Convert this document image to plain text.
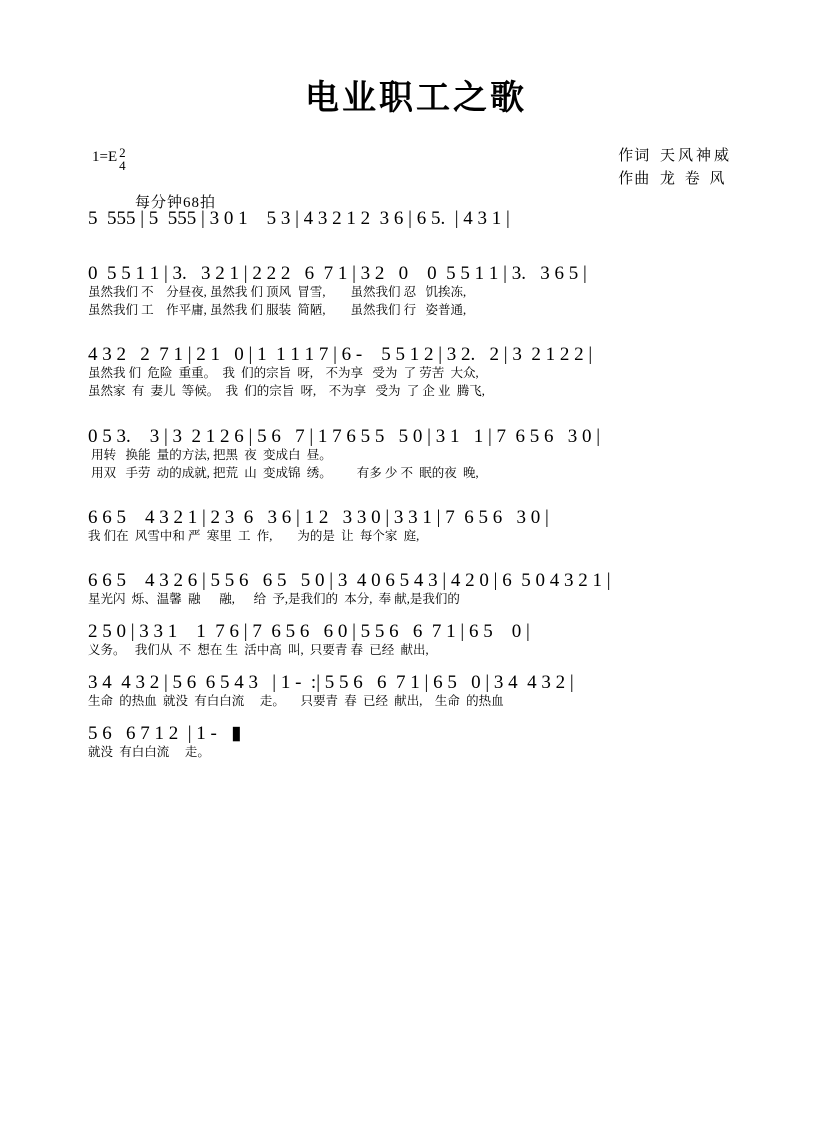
电业职工之歌
1=E 2
4
作词 天风神威
作曲 龙 卷 风
每分钟68拍
5  555 | 5  555 | 3 0 1    5 3 | 4 3 2 1 2  3 6 | 6 5.  | 4 3 1 |
0  5 5 1 1 | 3.   3 2 1 | 2 2 2   6  7 1 | 3 2   0    0  5 5 1 1 | 3.   3 6 5 |
虽然我们 不    分昼夜, 虽然我 们 顶风  冒雪,        虽然我们 忍   饥挨冻,
虽然我们 工    作平庸, 虽然我 们 服装  简陋,        虽然我们 行   姿普通,
4 3 2   2  7 1 | 2 1   0 | 1  1 1 1 7 | 6 -    5 5 1 2 | 3 2.   2 | 3  2 1 2 2 |
虽然我 们  危险  重重。  我  们的宗旨  呀,    不为享   受为  了 劳苦  大众,
虽然家  有  妻儿  等候。  我  们的宗旨  呀,    不为享   受为  了 企 业  腾飞,
0 5 3.    3 | 3  2 1 2 6 | 5 6   7 | 1 7 6 5 5   5 0 | 3 1   1 | 7  6 5 6   3 0 |
用转   换能  量的方法, 把黑  夜  变成白  昼。
用双   手劳  动的成就, 把荒  山  变成锦  绣。        有多 少 不  眠的夜  晚,
6 6 5    4 3 2 1 | 2 3  6   3 6 | 1 2   3 3 0 | 3 3 1 | 7  6 5 6   3 0 |
我 们在  风雪中和 严  寒里  工  作,        为的是  让  每个家  庭,
6 6 5    4 3 2 6 | 5 5 6   6 5   5 0 | 3  4 0 6 5 4 3 | 4 2 0 | 6  5 0 4 3 2 1 |
星光闪  烁、温馨  融      融,      给  予,是我们的  本分,  奉 献,是我们的
2 5 0 | 3 3 1    1  7 6 | 7  6 5 6   6 0 | 5 5 6   6  7 1 | 6 5    0 |
义务。   我们从  不  想在 生  活中高  叫,  只要青 春  已经  献出,
3 4  4 3 2 | 5 6  6 5 4 3   | 1 -  :| 5 5 6   6  7 1 | 6 5   0 | 3 4  4 3 2 |
生命  的热血  就没  有白白流     走。     只要青  春  已经  献出,    生命  的热血
5 6   6 7 1 2  | 1 -   ▮
就没  有白白流     走。
